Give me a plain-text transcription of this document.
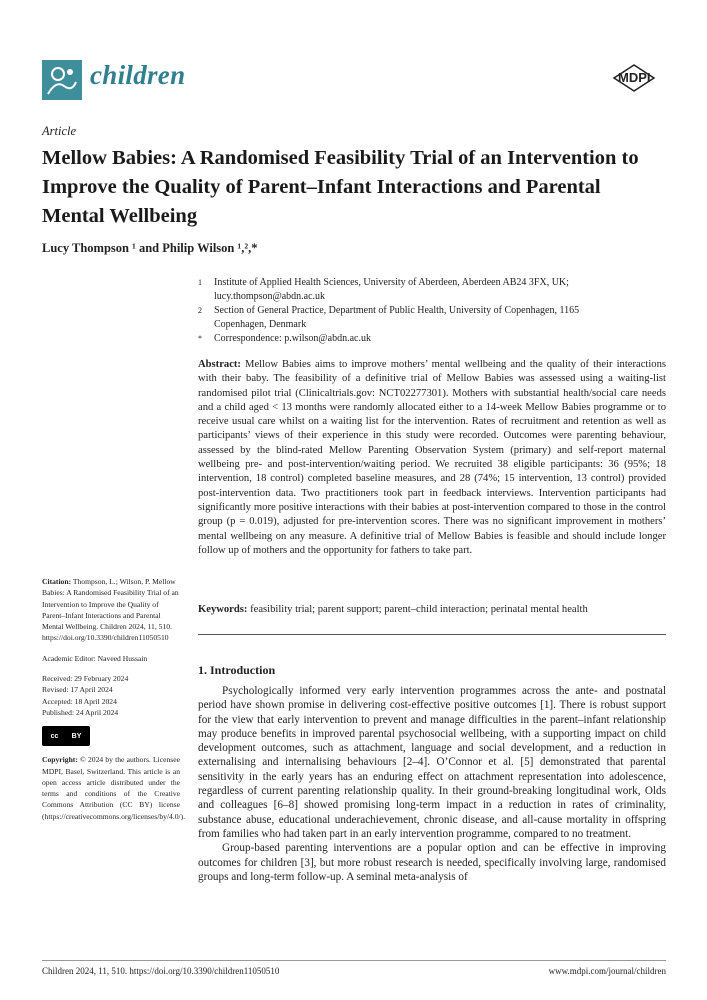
children	MDPI
Article
Mellow Babies: A Randomised Feasibility Trial of an Intervention to Improve the Quality of Parent–Infant Interactions and Parental Mental Wellbeing
Lucy Thompson ¹ and Philip Wilson ¹,²,*
1	Institute of Applied Health Sciences, University of Aberdeen, Aberdeen AB24 3FX, UK; lucy.thompson@abdn.ac.uk
2	Section of General Practice, Department of Public Health, University of Copenhagen, 1165 Copenhagen, Denmark
*	Correspondence: p.wilson@abdn.ac.uk
Abstract: Mellow Babies aims to improve mothers’ mental wellbeing and the quality of their interactions with their baby. The feasibility of a definitive trial of Mellow Babies was assessed using a waiting-list randomised pilot trial (Clinicaltrials.gov: NCT02277301). Mothers with substantial health/social care needs and a child aged < 13 months were randomly allocated either to a 14-week Mellow Babies programme or to receive usual care whilst on a waiting list for the intervention. Rates of recruitment and retention as well as participants’ views of their experience in this study were recorded. Outcomes were parenting behaviour, assessed by the blind-rated Mellow Parenting Observation System (primary) and self-report maternal wellbeing pre- and post-intervention/waiting period. We recruited 38 eligible participants: 36 (95%; 18 intervention, 18 control) completed baseline measures, and 28 (74%; 15 intervention, 13 control) provided post-intervention data. Two practitioners took part in feedback interviews. Intervention participants had significantly more positive interactions with their babies at post-intervention compared to those in the control group (p = 0.019), adjusted for pre-intervention scores. There was no significant improvement in mothers’ mental wellbeing on any measure. A definitive trial of Mellow Babies is feasible and should include longer follow up of mothers and the opportunity for fathers to take part.
Keywords: feasibility trial; parent support; parent–child interaction; perinatal mental health
1. Introduction

Psychologically informed very early intervention programmes across the ante- and postnatal period have shown promise in delivering cost-effective positive outcomes [1]. There is robust support for the view that early intervention to prevent and manage difficulties in the parent–infant relationship may produce benefits in improved parental psychosocial wellbeing, with a supporting impact on child development outcomes, such as attachment, language and social development, and a reduction in externalising and internalising behaviours [2–4]. O’Connor et al. [5] demonstrated that parental sensitivity in the early years has an enduring effect on attachment representation into adolescence, regardless of current parenting relationship quality. In their ground-breaking longitudinal work, Olds and colleagues [6–8] showed promising long-term impact in a reduction in rates of criminality, substance abuse, educational underachievement, chronic disease, and all-cause mortality in offspring from families who had taken part in an early intervention programme, compared to no treatment.

Group-based parenting interventions are a popular option and can be effective in improving outcomes for children [3], but more robust research is needed, specifically involving large, randomised groups and long-term follow-up. A seminal meta-analysis of

Citation: Thompson, L.; Wilson, P. Mellow Babies: A Randomised Feasibility Trial of an Intervention to Improve the Quality of Parent–Infant Interactions and Parental Mental Wellbeing. Children 2024, 11, 510. https://doi.org/10.3390/children11050510

Academic Editor: Naveed Hussain

Received: 29 February 2024

Revised: 17 April 2024

Accepted: 18 April 2024

Published: 24 April 2024

cc BY

Copyright: © 2024 by the authors. Licensee MDPI, Basel, Switzerland. This article is an open access article distributed under the terms and conditions of the Creative Commons Attribution (CC BY) license (https://creativecommons.org/licenses/by/4.0/).

Children 2024, 11, 510. https://doi.org/10.3390/children11050510	www.mdpi.com/journal/children
